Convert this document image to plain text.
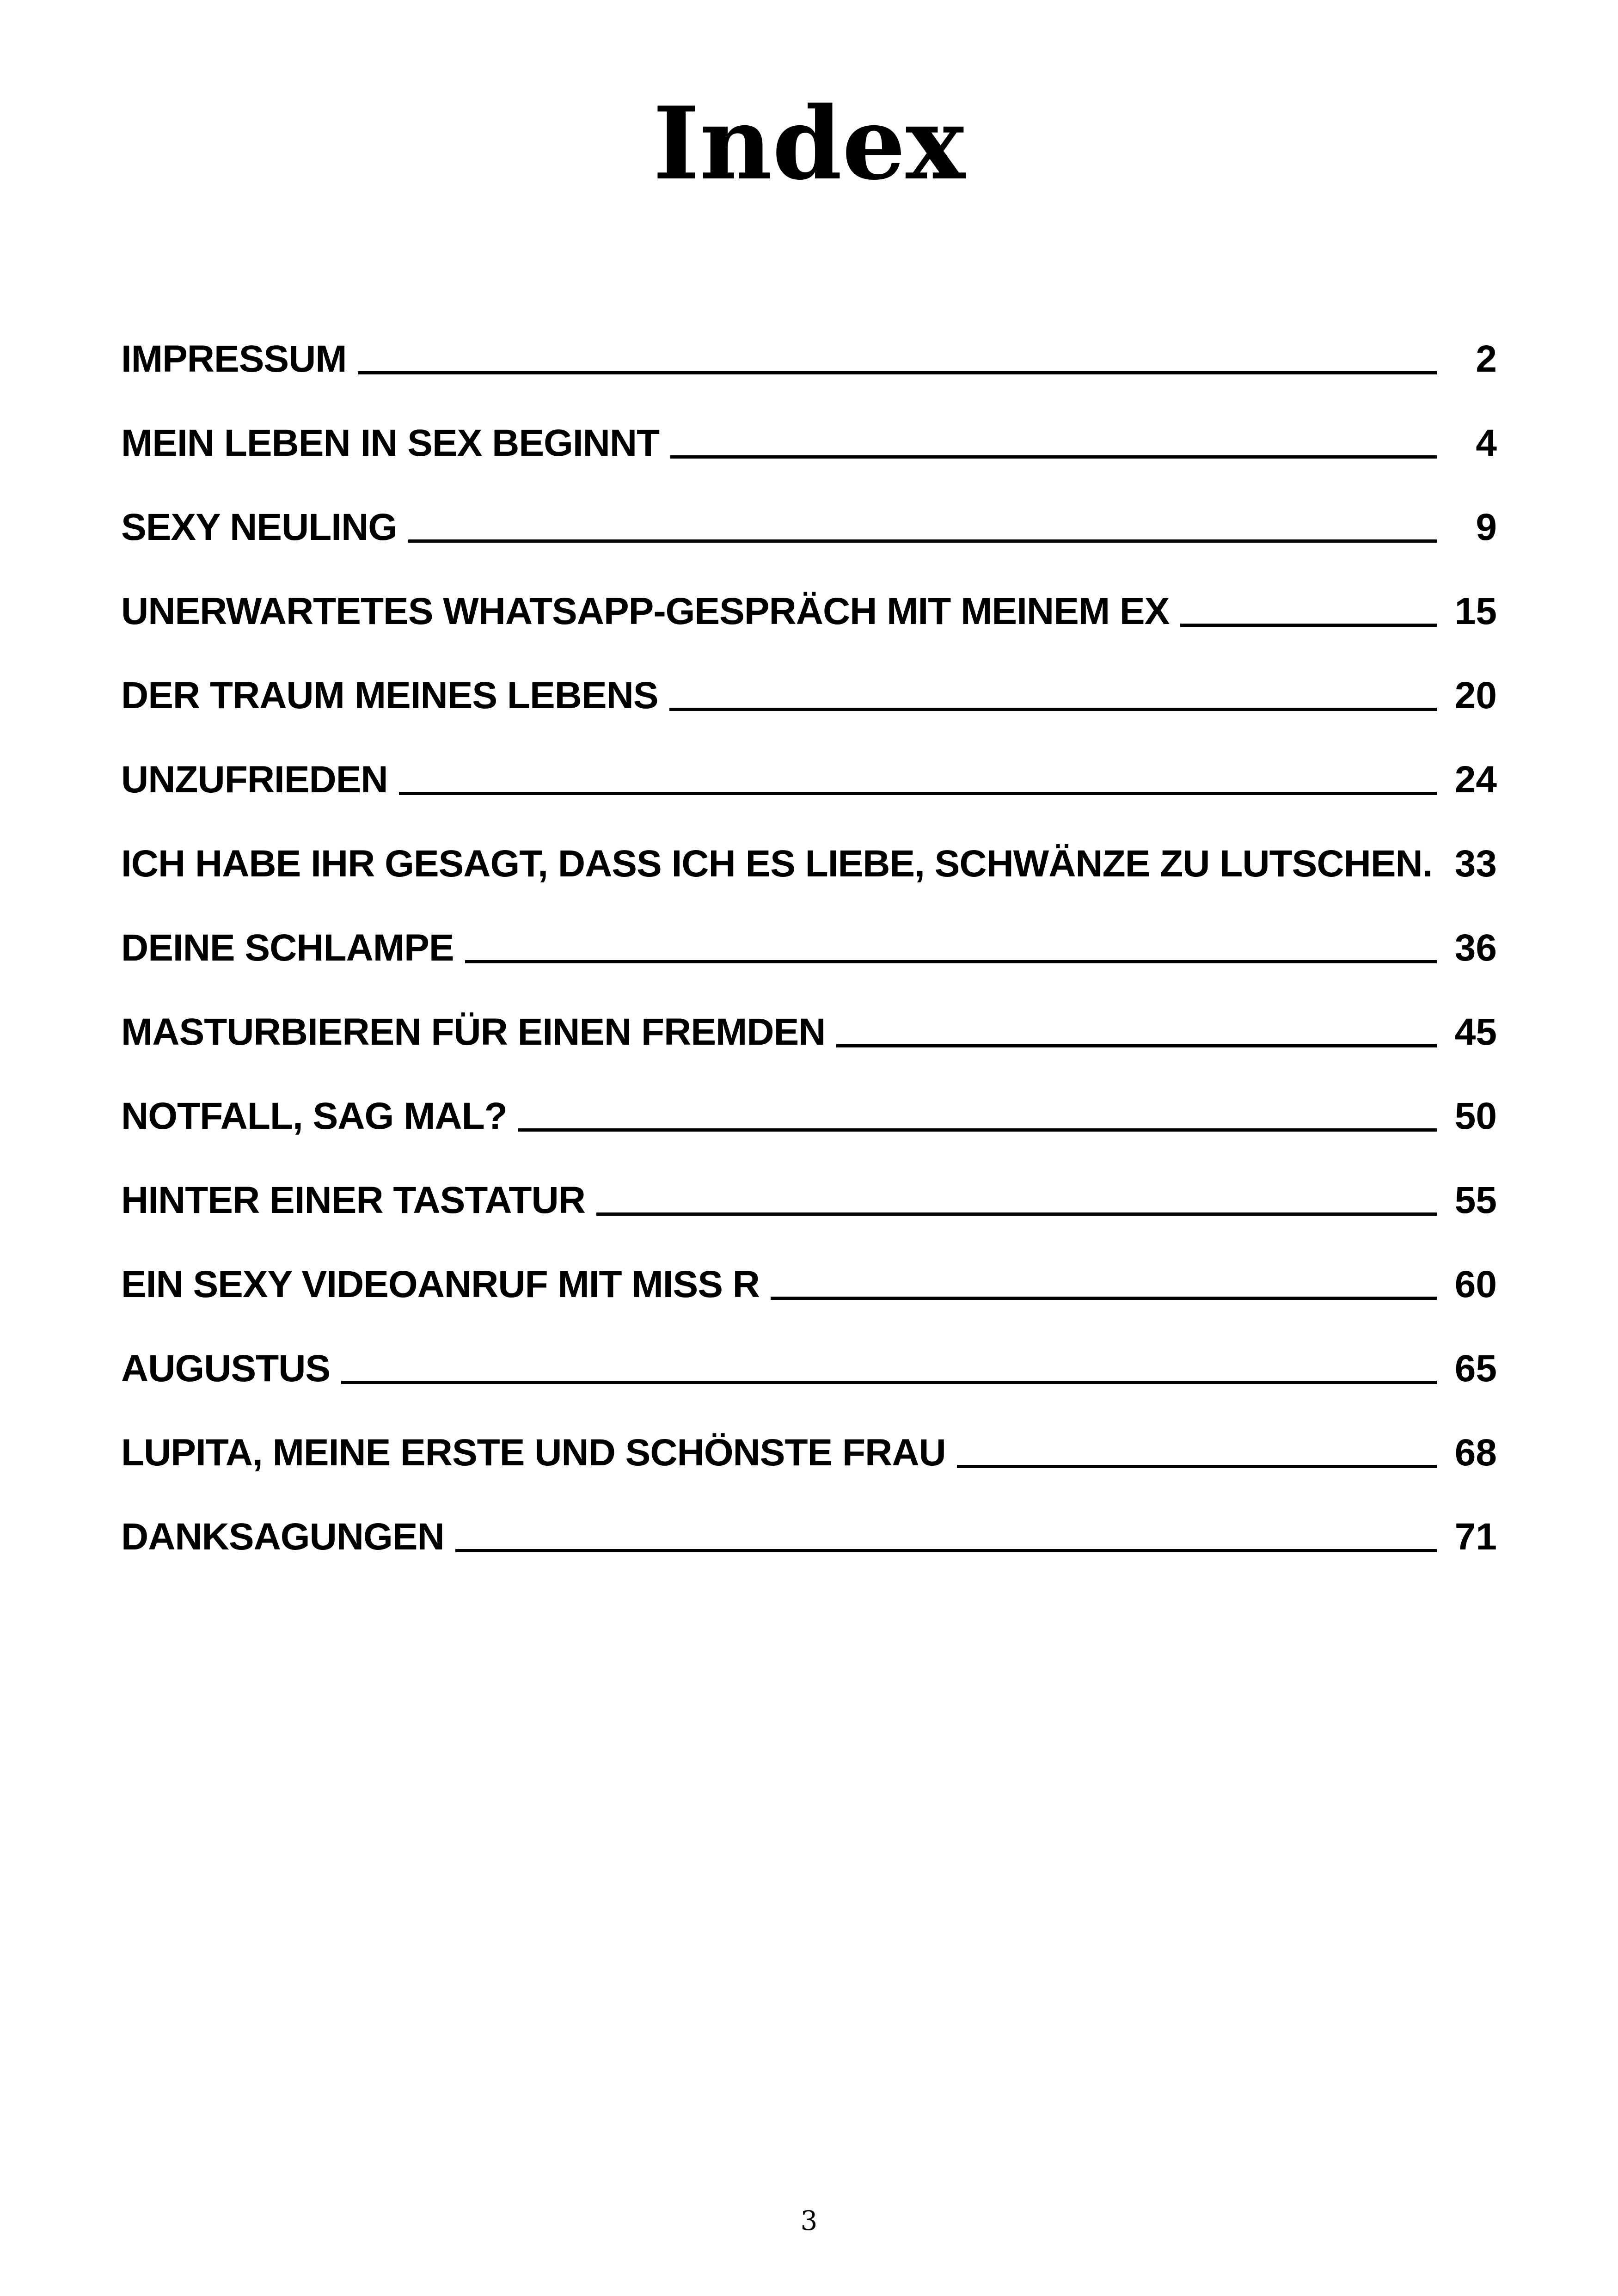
Index
IMPRESSUM	2
MEIN LEBEN IN SEX BEGINNT	4
SEXY NEULING	9
UNERWARTETES WHATSAPP-GESPRÄCH MIT MEINEM EX	15
DER TRAUM MEINES LEBENS	20
UNZUFRIEDEN	24
ICH HABE IHR GESAGT, DASS ICH ES LIEBE, SCHWÄNZE ZU LUTSCHEN. 33
DEINE SCHLAMPE	36
MASTURBIEREN FÜR EINEN FREMDEN	45
NOTFALL, SAG MAL?	50
HINTER EINER TASTATUR	55
EIN SEXY VIDEOANRUF MIT MISS R	60
AUGUSTUS	65
LUPITA, MEINE ERSTE UND SCHÖNSTE FRAU	68
DANKSAGUNGEN	71

3
